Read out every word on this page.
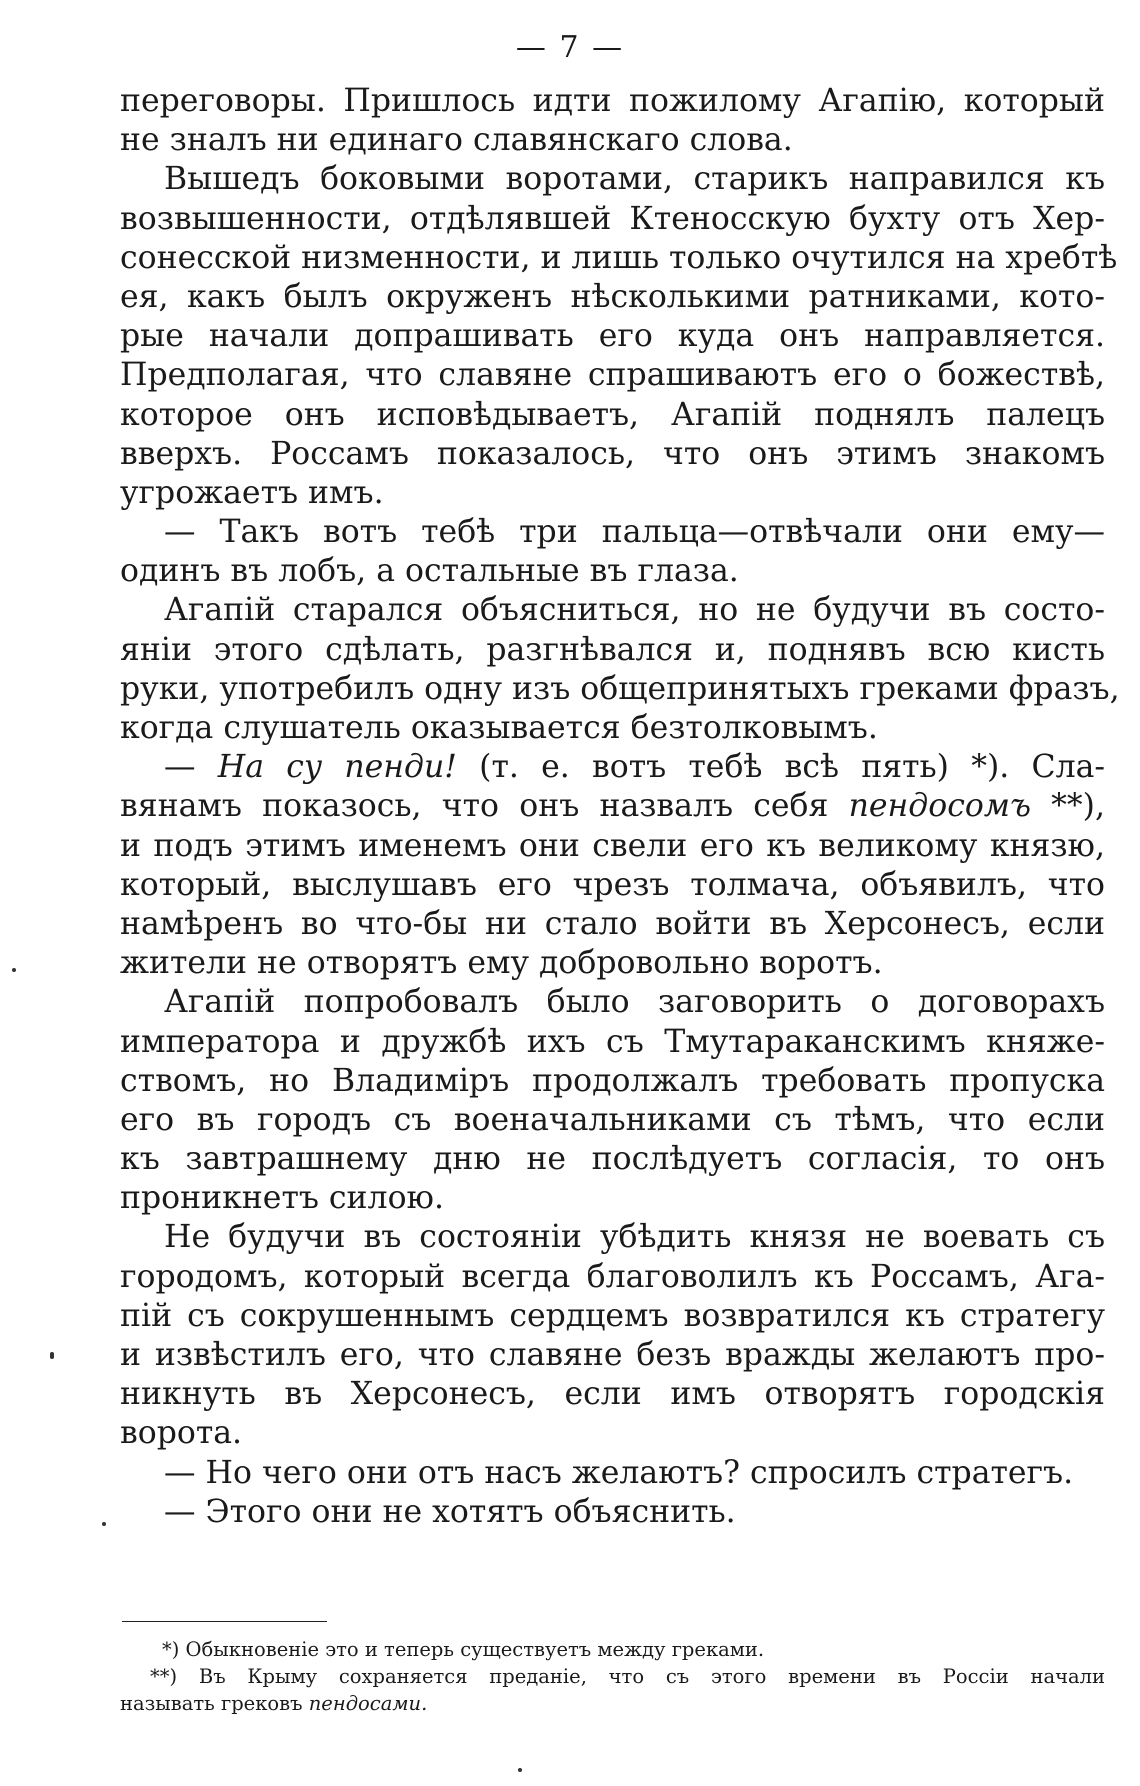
— 7 —
переговоры. Пришлось идти пожилому Агапію, который
не зналъ ни единаго славянскаго слова.
Вышедъ боковыми воротами, старикъ направился къ
возвышенности, отдѣлявшей Ктеносскую бухту отъ Хер-
сонесской низменности, и лишь только очутился на хребтѣ
ея, какъ былъ окруженъ нѣсколькими ратниками, кото-
рые начали допрашивать его куда онъ направляется.
Предполагая, что славяне спрашиваютъ его о божествѣ,
которое онъ исповѣдываетъ, Агапій поднялъ палецъ
вверхъ. Россамъ показалось, что онъ этимъ знакомъ
угрожаетъ имъ.
— Такъ вотъ тебѣ три пальца—отвѣчали они ему—
одинъ въ лобъ, а остальные въ глаза.
Агапій старался объясниться, но не будучи въ состо-
яніи этого сдѣлать, разгнѣвался и, поднявъ всю кисть
руки, употребилъ одну изъ общепринятыхъ греками фразъ,
когда слушатель оказывается безтолковымъ.
— На су пенди! (т. е. вотъ тебѣ всѣ пять) *). Сла-
вянамъ показось, что онъ назвалъ себя пендосомъ **),
и подъ этимъ именемъ они свели его къ великому князю,
который, выслушавъ его чрезъ толмача, объявилъ, что
намѣренъ во что-бы ни стало войти въ Херсонесъ, если
жители не отворятъ ему добровольно воротъ.
Агапій попробовалъ было заговорить о договорахъ
императора и дружбѣ ихъ съ Тмутараканскимъ княже-
ствомъ, но Владиміръ продолжалъ требовать пропуска
его въ городъ съ военачальниками съ тѣмъ, что если
къ завтрашнему дню не послѣдуетъ согласія, то онъ
проникнетъ силою.
Не будучи въ состояніи убѣдить князя не воевать съ
городомъ, который всегда благоволилъ къ Россамъ, Ага-
пій съ сокрушеннымъ сердцемъ возвратился къ стратегу
и извѣстилъ его, что славяне безъ вражды желаютъ про-
никнуть въ Херсонесъ, если имъ отворятъ городскія
ворота.
— Но чего они отъ насъ желаютъ? спросилъ стратегъ.
— Этого они не хотятъ объяснить.
*) Обыкновеніе это и теперь существуетъ между греками.
**) Въ Крыму сохраняется преданіе, что съ этого времени въ Россіи начали
называть грековъ пендосами.
